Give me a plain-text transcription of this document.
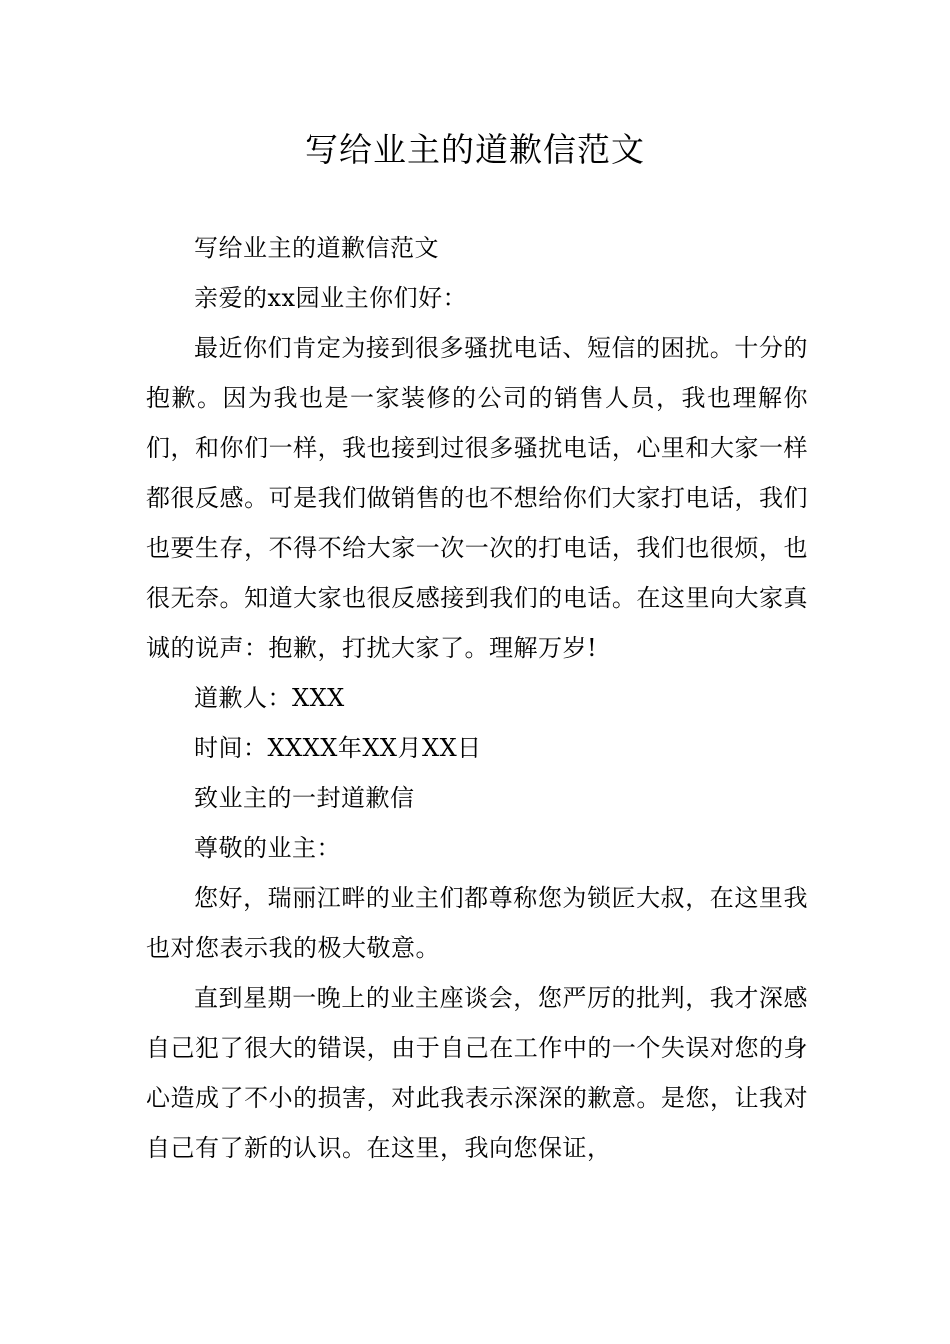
写给业主的道歉信范文

写给业主的道歉信范文

亲爱的xx园业主你们好：

最近你们肯定为接到很多骚扰电话、短信的困扰。十分的抱歉。因为我也是一家装修的公司的销售人员，我也理解你们，和你们一样，我也接到过很多骚扰电话，心里和大家一样都很反感。可是我们做销售的也不想给你们大家打电话，我们也要生存，不得不给大家一次一次的打电话，我们也很烦，也很无奈。知道大家也很反感接到我们的电话。在这里向大家真诚的说声：抱歉，打扰大家了。理解万岁!

道歉人：XXX

时间：XXXX年XX月XX日

致业主的一封道歉信

尊敬的业主：

您好，瑞丽江畔的业主们都尊称您为锁匠大叔，在这里我也对您表示我的极大敬意。

直到星期一晚上的业主座谈会，您严厉的批判，我才深感自己犯了很大的错误，由于自己在工作中的一个失误对您的身心造成了不小的损害，对此我表示深深的歉意。是您，让我对自己有了新的认识。在这里，我向您保证，
